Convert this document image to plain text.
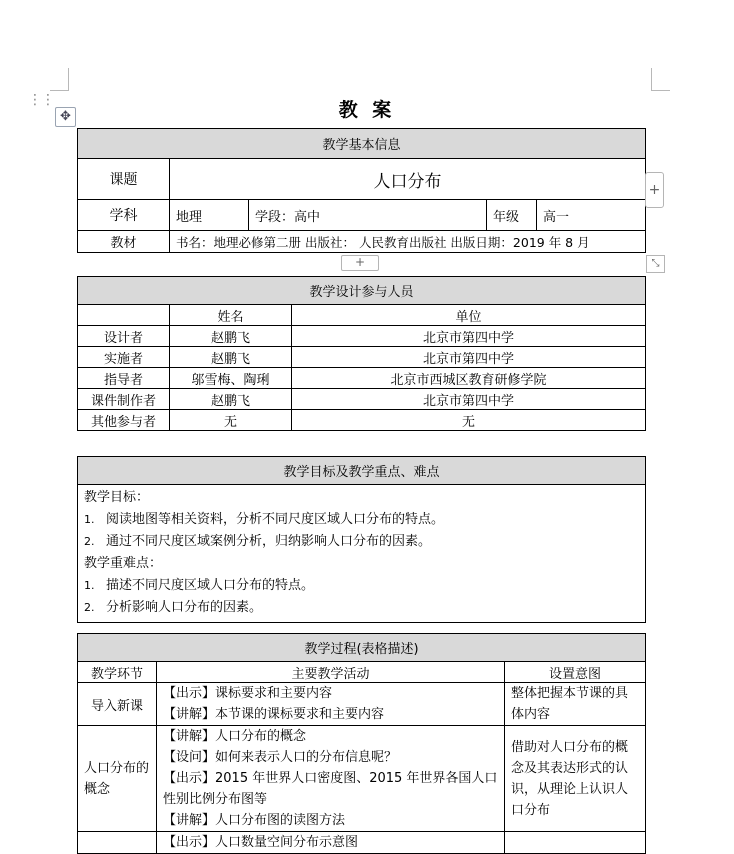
⋮⋮
✥	教 案
教学基本信息				
课题	人口分布			
学科	地理	学段：高中	年级	高一
教材	书名：地理必修第二册 出版社： 人民教育出版社 出版日期：2019 年 8 月			
+
+	⤡
教学设计参与人员		
	姓名	单位
设计者	赵鹏飞	北京市第四中学
实施者	赵鹏飞	北京市第四中学
指导者	邬雪梅、陶琍	北京市西城区教育研修学院
课件制作者	赵鹏飞	北京市第四中学
其他参与者	无	无
教学目标及教学重点、难点

教学目标：
1. 阅读地图等相关资料，分析不同尺度区域人口分布的特点。
2. 通过不同尺度区域案例分析，归纳影响人口分布的因素。
教学重难点：
1. 描述不同尺度区域人口分布的特点。
2. 分析影响人口分布的因素。
教学过程(表格描述)		
教学环节	主要教学活动	设置意图
导入新课	【出示】课标要求和主要内容
【讲解】本节课的课标要求和主要内容	整体把握本节课的具体内容
人口分布的概念	【讲解】人口分布的概念
【设问】如何来表示人口的分布信息呢？
【出示】2015 年世界人口密度图、2015 年世界各国人口性别比例分布图等
【讲解】人口分布图的读图方法	借助对人口分布的概念及其表达形式的认识，从理论上认识人口分布

	【出示】人口数量空间分布示意图	
